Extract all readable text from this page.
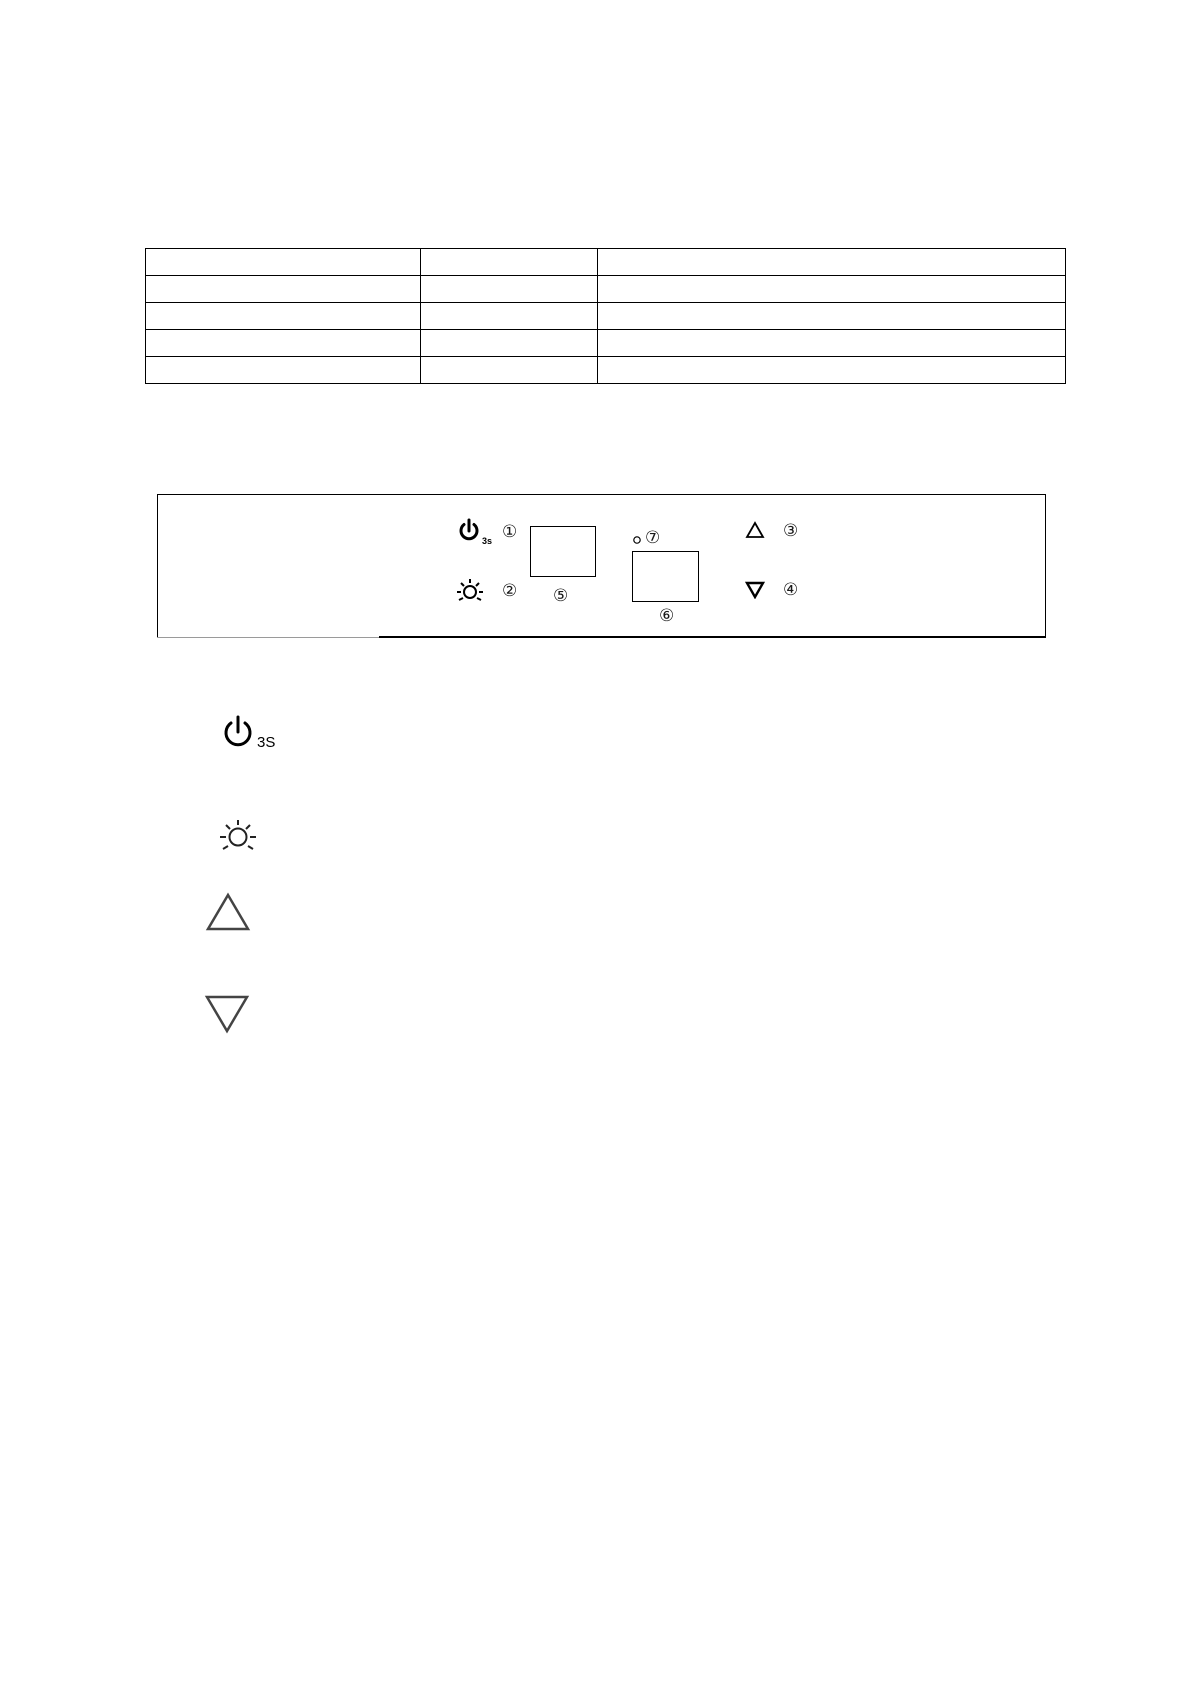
3s ①
② ⑤
⑦
⑥
③
④
3S
